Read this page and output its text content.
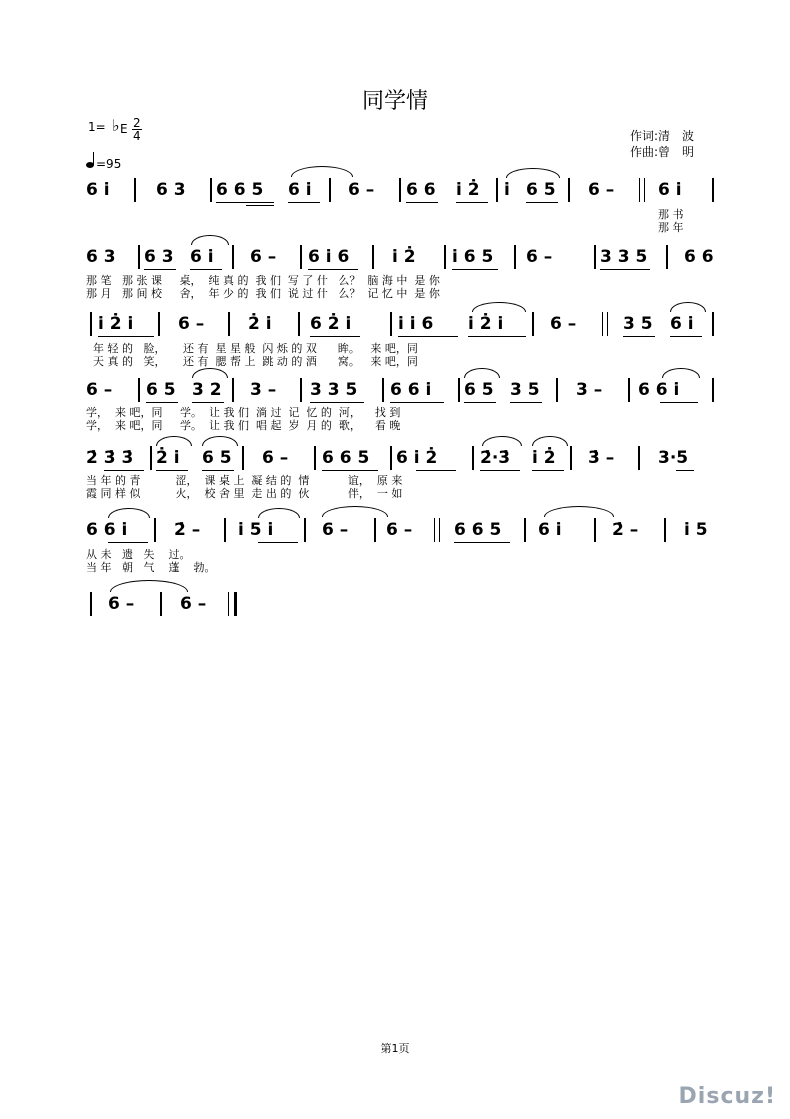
同学情
1= ♭ E 2
4
=95
作词:清　波
作曲:曾　明
6 i̇	6 3 6 6 5 6 i̇ 6 – 6 6 i̇ 2̇ i̇ 6 5 6 –	6 i̇
那 书
那 年
6 3 6 3 6 i̇ 6 – 6 i̇ 6	i̇ 2̇ i̇ 6 5 6 –	3 3 5 6 6
那 笔   那 张 课     桌，  纯 真 的  我 们  写 了 什   么？  脑 海 中  是 你
那 月   那 间 校     舍，  年 少 的  我 们  说 过 什   么？  记 忆 中  是 你
i̇ 2̇ i̇	6 –	2̇ i̇ 6 2̇ i̇	i̇ i̇ 6 i̇ 2̇ i̇	6 –	3 5 6 i̇
年 轻 的   脸，     还 有  星 星 般  闪 烁 的 双      眸。   来 吧，同
天 真 的   笑，     还 有  腮 帮 上  跳 动 的 酒      窝。   来 吧，同
6 – 6 5 3 2 3 – 3 3 5 6 6 i̇ 6 5 3 5 3 – 6 6 i̇
学，  来 吧，同     学。  让 我 们  淌 过  记  忆 的  河，    找 到
学，  来 吧，同     学。  让 我 们  唱 起  岁  月 的  歌，    看 晚
2̇ 3̇ 3̇ 2̇ i̇ 6 5 6 – 6 6 5 6 i̇ 2̇	2̇·3̇ i̇ 2̇ 3̇ –	3·5
当 年 的 青          涩，  课 桌 上  凝 结 的  情           谊，  原 来
霞 同 样 似          火，  校 舍 里  走 出 的  伙           伴，  一 如
6 6 i̇	2̇ – i̇ 5 i̇	6 – 6 – 6 6 5 6 i̇	2̇ –	i̇ 5
从 未   遗   失    过。
当 年   朝   气    蓬    勃。
6 –	6 –
第1页
Discuz!
